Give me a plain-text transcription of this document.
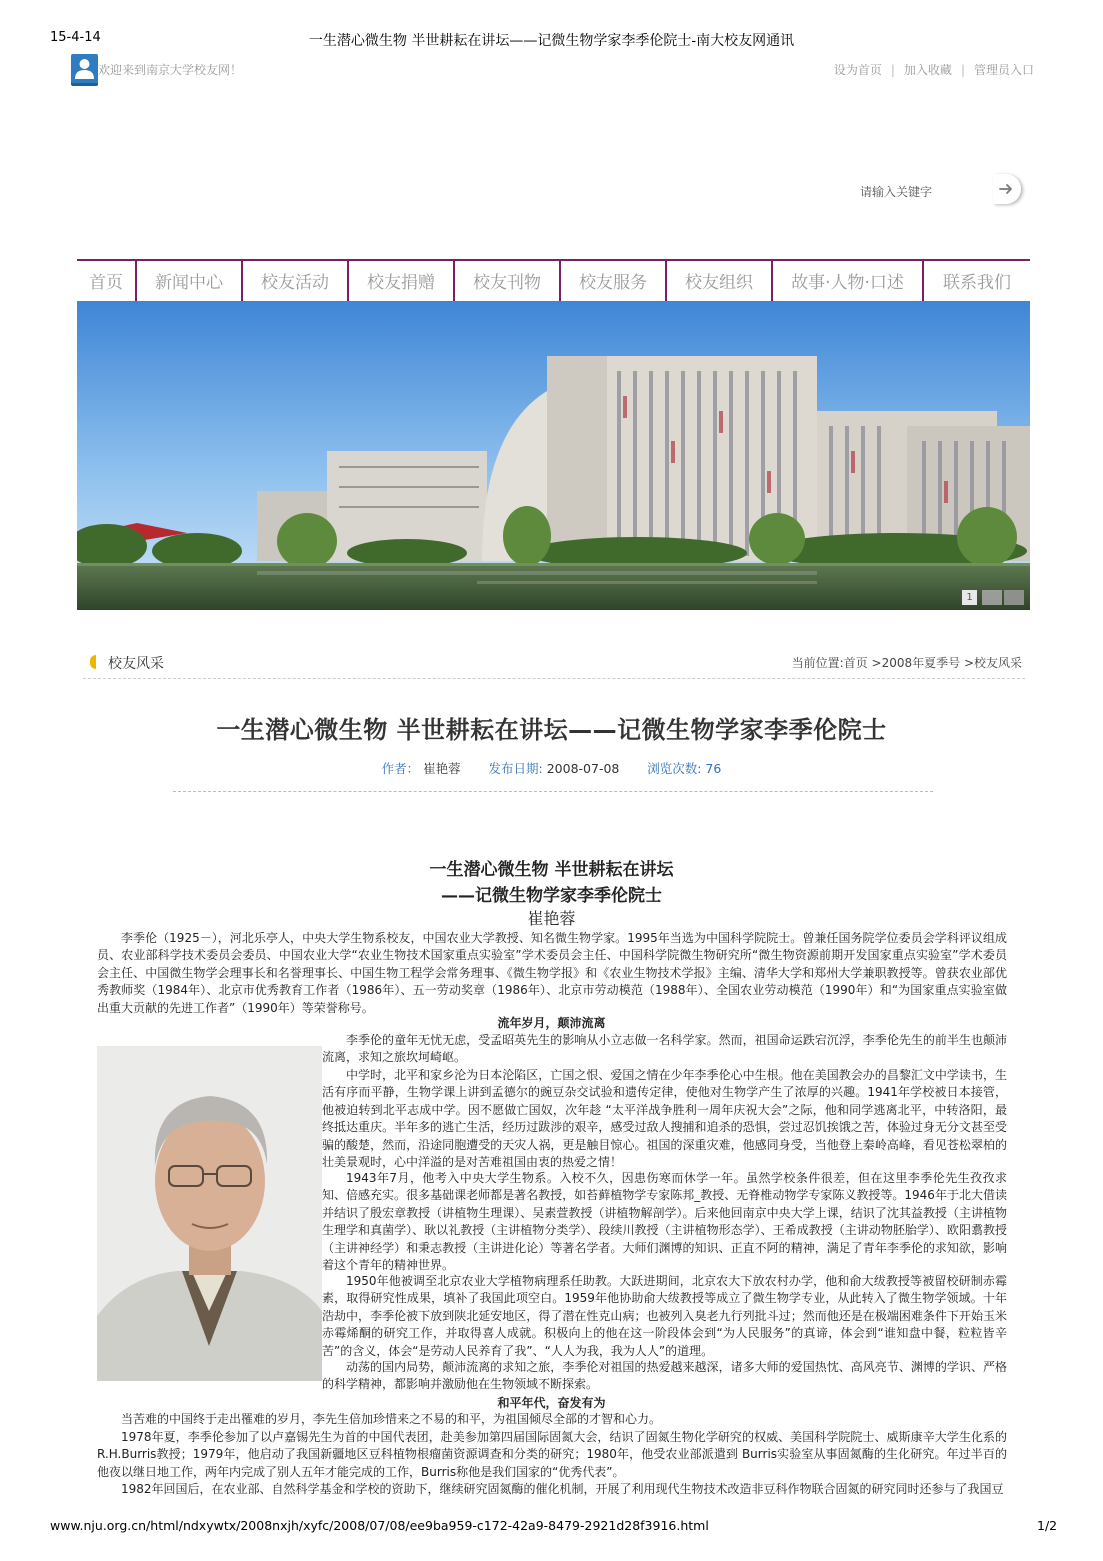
15-4-14	一生潜心微生物 半世耕耘在讲坛——记微生物学家李季伦院士-南大校友网通讯
欢迎来到南京大学校友网！	设为首页 | 加入收藏 | 管理员入口
请输入关键字
首页	新闻中心	校友活动	校友捐赠	校友刊物	校友服务	校友组织	故事·人物·口述	联系我们
1
校友风采	当前位置:首页 >2008年夏季号 >校友风采
一生潜心微生物 半世耕耘在讲坛——记微生物学家李季伦院士
作者： 崔艳蓉 发布日期: 2008-07-08 浏览次数: 76
一生潜心微生物 半世耕耘在讲坛
——记微生物学家李季伦院士
崔艳蓉
李季伦（1925－），河北乐亭人，中央大学生物系校友，中国农业大学教授、知名微生物学家。1995年当选为中国科学院院士。曾兼任国务院学位委员会学科评议组成员、农业部科学技术委员会委员、中国农业大学“农业生物技术国家重点实验室”学术委员会主任、中国科学院微生物研究所“微生物资源前期开发国家重点实验室”学术委员会主任、中国微生物学会理事长和名誉理事长、中国生物工程学会常务理事、《微生物学报》和《农业生物技术学报》主编、清华大学和郑州大学兼职教授等。曾获农业部优秀教师奖（1984年）、北京市优秀教育工作者（1986年）、五一劳动奖章（1986年）、北京市劳动模范（1988年）、全国农业劳动模范（1990年）和“为国家重点实验室做出重大贡献的先进工作者”（1990年）等荣誉称号。
流年岁月，颠沛流离
李季伦的童年无忧无虑，受孟昭英先生的影响从小立志做一名科学家。然而，祖国命运跌宕沉浮，李季伦先生的前半生也颠沛流离，求知之旅坎坷崎岖。
中学时，北平和家乡沦为日本沦陷区，亡国之恨、爱国之情在少年李季伦心中生根。他在美国教会办的昌黎汇文中学读书，生活有序而平静，生物学课上讲到孟德尔的豌豆杂交试验和遗传定律，使他对生物学产生了浓厚的兴趣。1941年学校被日本接管，他被迫转到北平志成中学。因不愿做亡国奴，次年趁 “太平洋战争胜利一周年庆祝大会”之际，他和同学逃离北平，中转洛阳，最终抵达重庆。半年多的逃亡生活，经历过跋涉的艰辛，感受过敌人搜捕和追杀的恐惧，尝过忍饥挨饿之苦，体验过身无分文甚至受骗的酸楚，然而，沿途同胞遭受的天灾人祸，更是触目惊心。祖国的深重灾难，他感同身受，当他登上秦岭高峰，看见苍松翠柏的壮美景观时，心中洋溢的是对苦难祖国由衷的热爱之情！
1943年7月，他考入中央大学生物系。入校不久，因患伤寒而休学一年。虽然学校条件很差，但在这里李季伦先生孜孜求知、倍感充实。很多基础课老师都是著名教授，如苔藓植物学专家陈邦_教授、无脊椎动物学专家陈义教授等。1946年于北大借读并结识了殷宏章教授（讲植物生理课）、吴素萱教授（讲植物解剖学）。后来他回南京中央大学上课，结识了沈其益教授（主讲植物生理学和真菌学）、耿以礼教授（主讲植物分类学）、段续川教授（主讲植物形态学）、王希成教授（主讲动物胚胎学）、欧阳翥教授（主讲神经学）和秉志教授（主讲进化论）等著名学者。大师们渊博的知识、正直不阿的精神，满足了青年李季伦的求知欲，影响着这个青年的精神世界。
1950年他被调至北京农业大学植物病理系任助教。大跃进期间，北京农大下放农村办学，他和俞大绂教授等被留校研制赤霉素，取得研究性成果，填补了我国此项空白。1959年他协助俞大绂教授等成立了微生物学专业，从此转入了微生物学领域。十年浩劫中，李季伦被下放到陕北延安地区，得了潜在性克山病；也被列入臭老九行列批斗过；然而他还是在极端困难条件下开始玉米赤霉烯酮的研究工作，并取得喜人成就。积极向上的他在这一阶段体会到“为人民服务”的真谛，体会到“谁知盘中餐，粒粒皆辛苦”的含义，体会“是劳动人民养育了我”、“人人为我，我为人人”的道理。
动荡的国内局势，颠沛流离的求知之旅，李季伦对祖国的热爱越来越深，诸多大师的爱国热忱、高风亮节、渊博的学识、严格的科学精神，都影响并激励他在生物领域不断探索。
和平年代，奋发有为
当苦难的中国终于走出罹难的岁月，李先生倍加珍惜来之不易的和平，为祖国倾尽全部的才智和心力。
1978年夏，李季伦参加了以卢嘉锡先生为首的中国代表团，赴美参加第四届国际固氮大会，结识了固氮生物化学研究的权威、美国科学院院士、威斯康辛大学生化系的R.H.Burris教授；1979年，他启动了我国新疆地区豆科植物根瘤菌资源调查和分类的研究；1980年，他受农业部派遣到 Burris实验室从事固氮酶的生化研究。年过半百的他夜以继日地工作，两年内完成了别人五年才能完成的工作，Burris称他是我们国家的“优秀代表”。
1982年回国后，在农业部、自然科学基金和学校的资助下，继续研究固氮酶的催化机制，开展了利用现代生物技术改造非豆科作物联合固氮的研究同时还参与了我国豆
www.nju.org.cn/html/ndxywtx/2008nxjh/xyfc/2008/07/08/ee9ba959-c172-42a9-8479-2921d28f3916.html	1/2
